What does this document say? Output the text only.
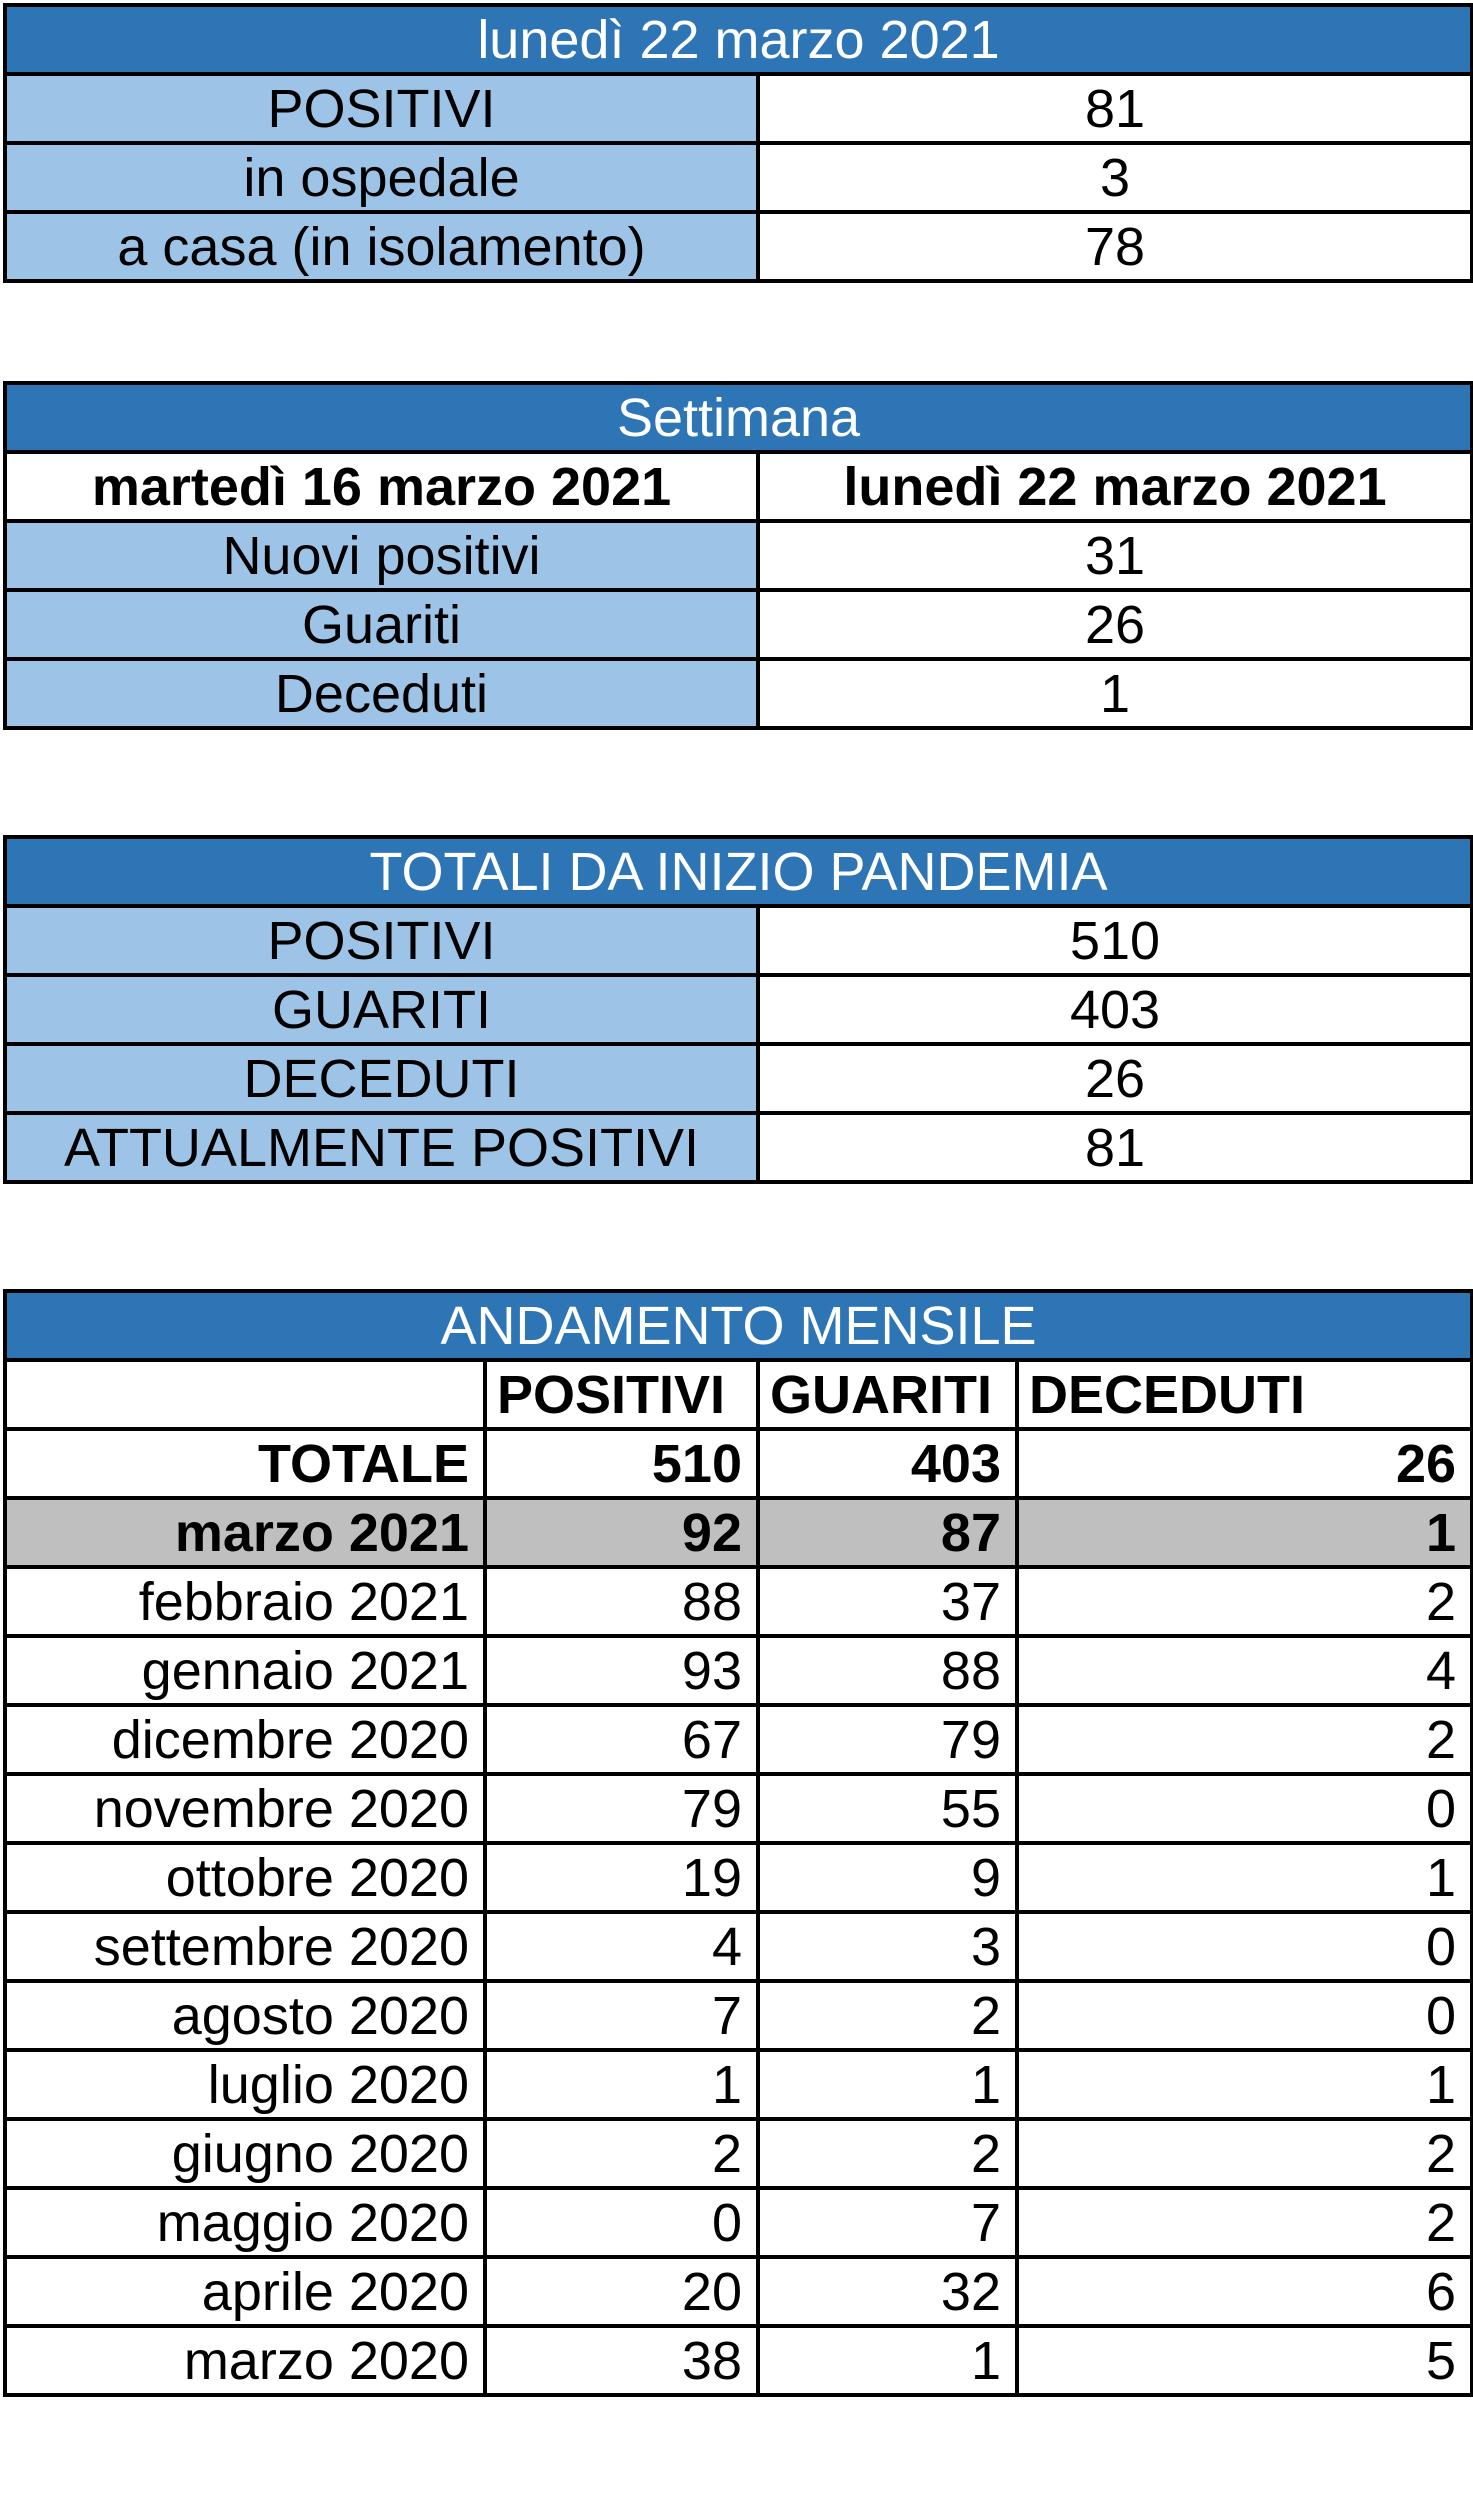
lunedì 22 marzo 2021	
POSITIVI	81
in ospedale	3
a casa (in isolamento)	78
Settimana	
martedì 16 marzo 2021	lunedì 22 marzo 2021
Nuovi positivi	31
Guariti	26
Deceduti	1
TOTALI DA INIZIO PANDEMIA	
POSITIVI	510
GUARITI	403
DECEDUTI	26
ATTUALMENTE POSITIVI	81
ANDAMENTO MENSILE			
	POSITIVI	GUARITI	DECEDUTI
TOTALE	510	403	26
marzo 2021	92	87	1
febbraio 2021	88	37	2
gennaio 2021	93	88	4
dicembre 2020	67	79	2
novembre 2020	79	55	0
ottobre 2020	19	9	1
settembre 2020	4	3	0
agosto 2020	7	2	0
luglio 2020	1	1	1
giugno 2020	2	2	2
maggio 2020	0	7	2
aprile 2020	20	32	6
marzo 2020	38	1	5
